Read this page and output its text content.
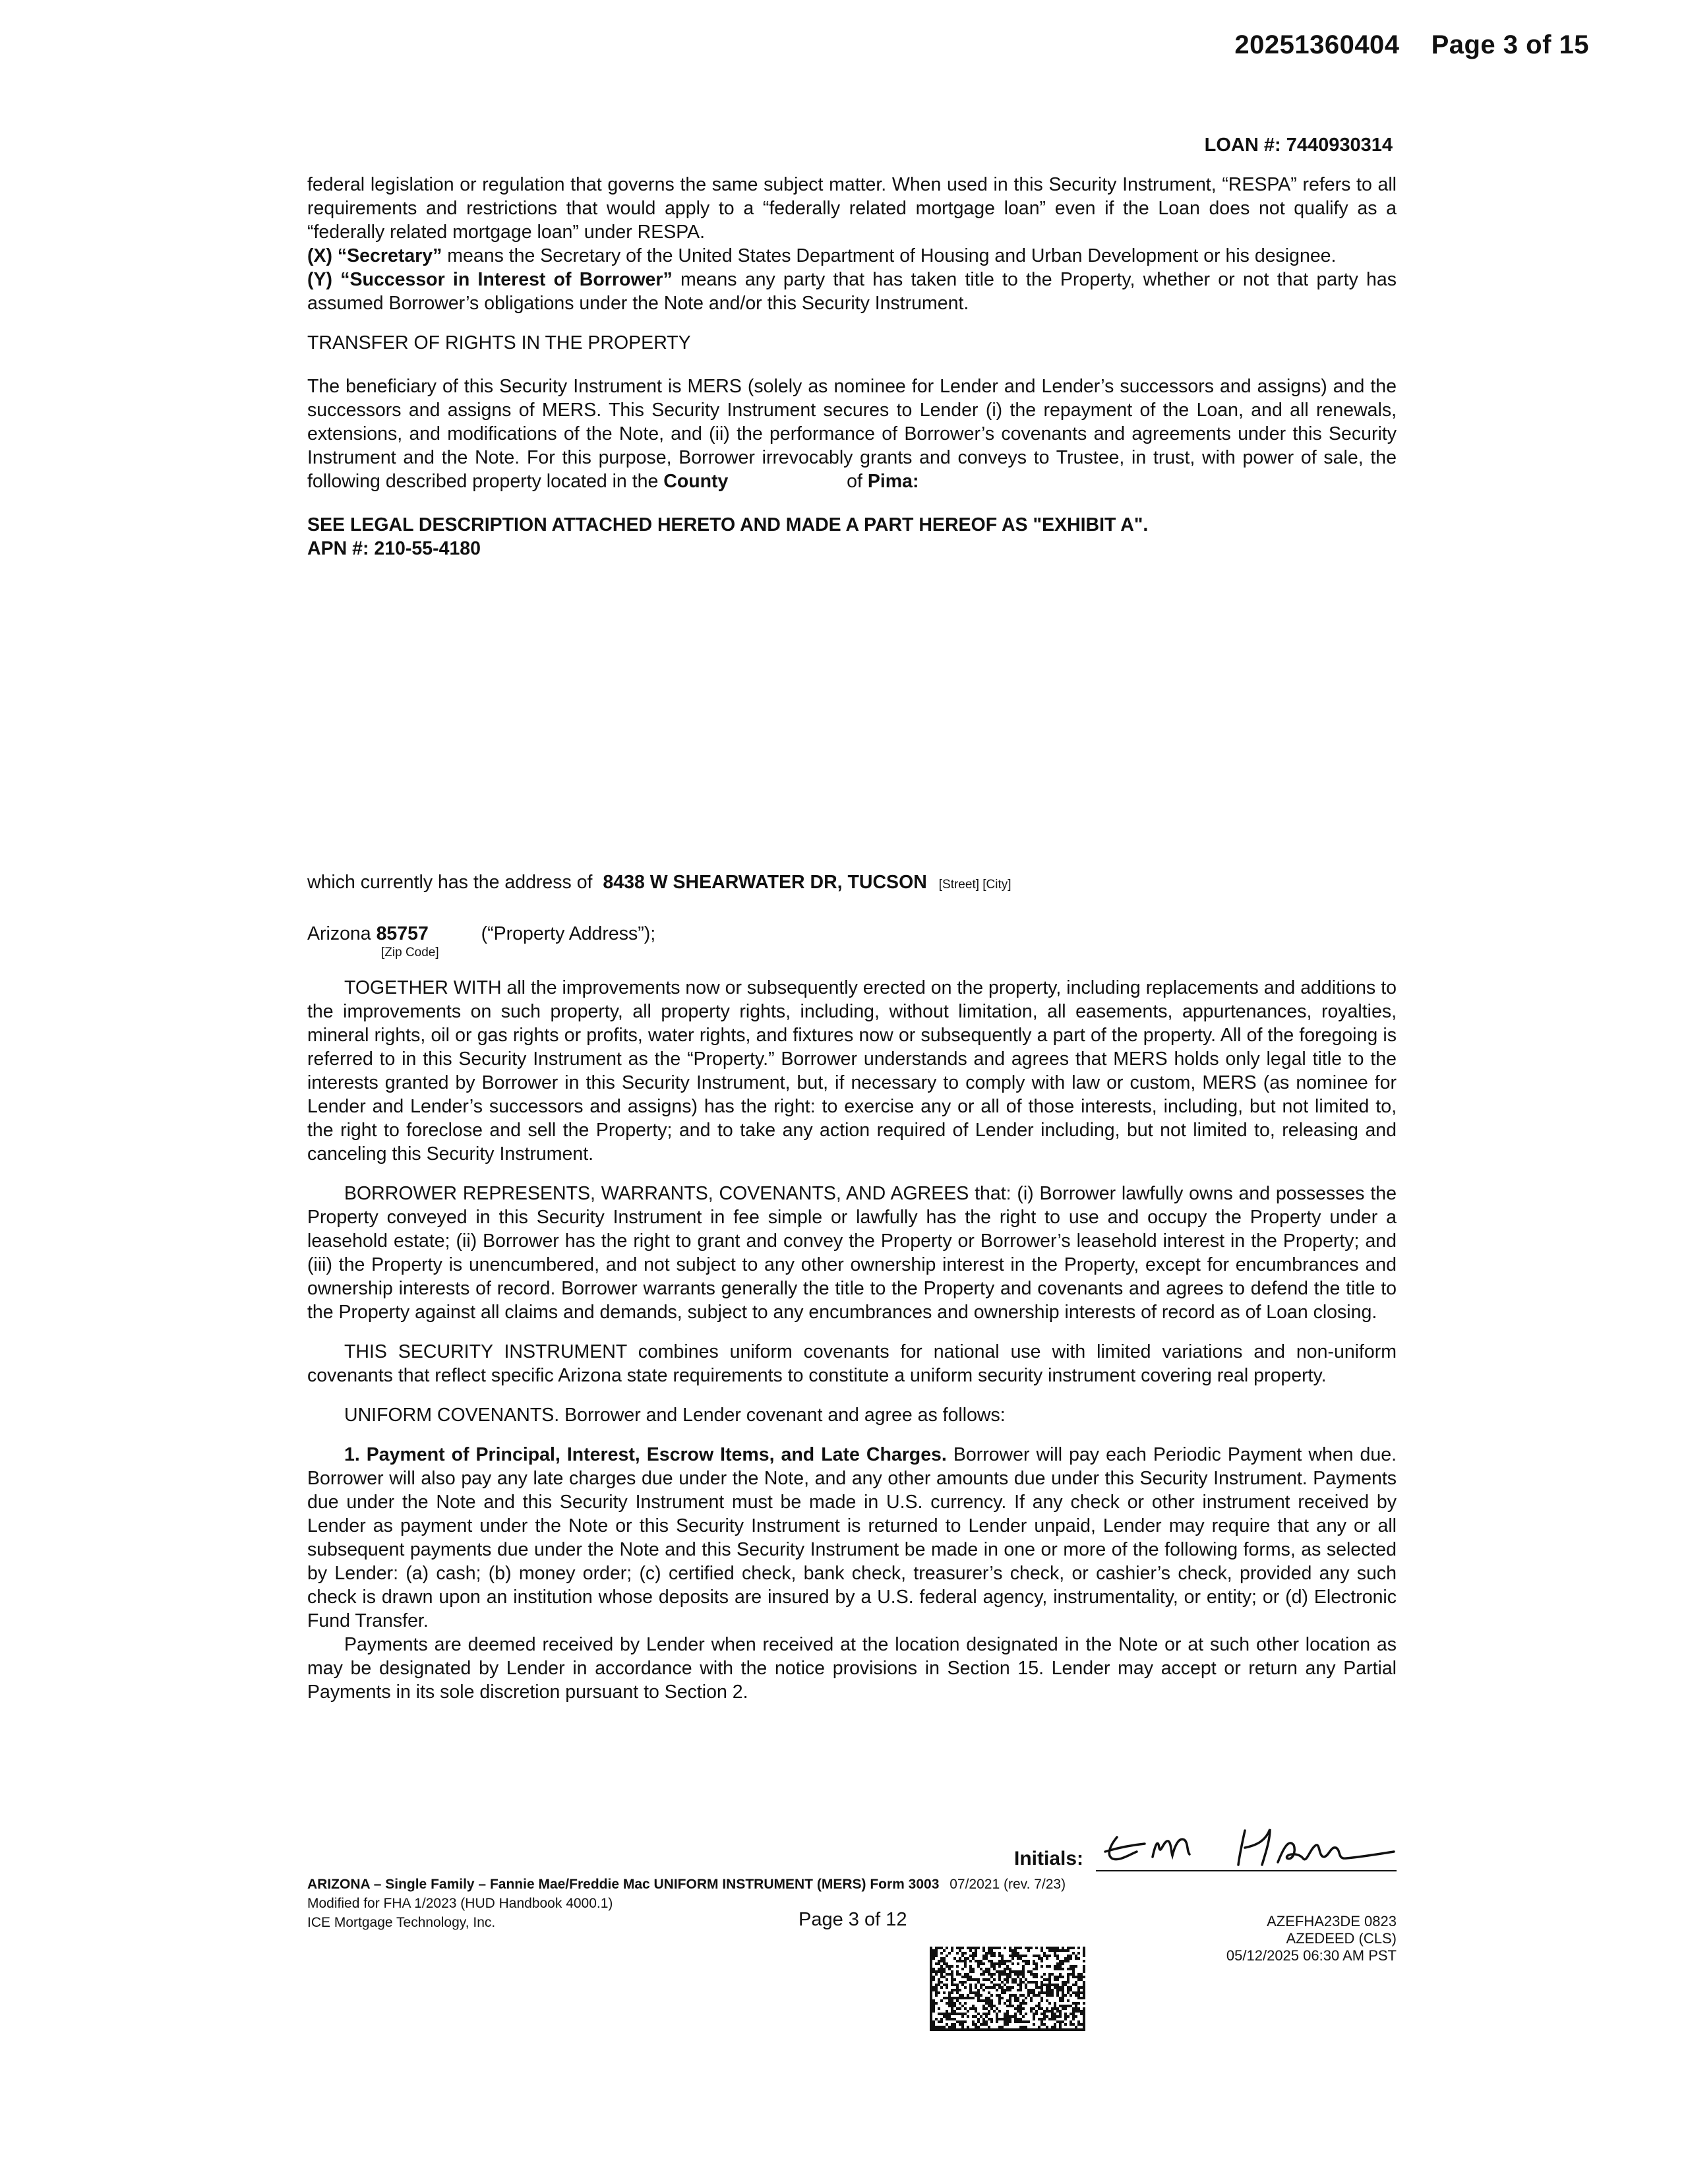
20251360404 Page 3 of 15
LOAN #: 7440930314

federal legislation or regulation that governs the same subject matter. When used in this Security Instrument, “RESPA” refers to all requirements and restrictions that would apply to a “federally related mortgage loan” even if the Loan does not qualify as a “federally related mortgage loan” under RESPA.

(X) “Secretary” means the Secretary of the United States Department of Housing and Urban Development or his designee.

(Y) “Successor in Interest of Borrower” means any party that has taken title to the Property, whether or not that party has assumed Borrower’s obligations under the Note and/or this Security Instrument.

TRANSFER OF RIGHTS IN THE PROPERTY

The beneficiary of this Security Instrument is MERS (solely as nominee for Lender and Lender’s successors and assigns) and the successors and assigns of MERS. This Security Instrument secures to Lender (i) the repayment of the Loan, and all renewals, extensions, and modifications of the Note, and (ii) the performance of Borrower’s covenants and agreements under this Security Instrument and the Note. For this purpose, Borrower irrevocably grants and conveys to Trustee, in trust, with power of sale, the following described property located in the County	of Pima:

SEE LEGAL DESCRIPTION ATTACHED HERETO AND MADE A PART HEREOF AS "EXHIBIT A".

APN #: 210-55-4180

which currently has the address of 8438 W SHEARWATER DR, TUCSON [Street] [City]

Arizona 85757
[Zip Code]
(“Property Address”);

TOGETHER WITH all the improvements now or subsequently erected on the property, including replacements and additions to the improvements on such property, all property rights, including, without limitation, all easements, appurtenances, royalties, mineral rights, oil or gas rights or profits, water rights, and fixtures now or subsequently a part of the property. All of the foregoing is referred to in this Security Instrument as the “Property.” Borrower understands and agrees that MERS holds only legal title to the interests granted by Borrower in this Security Instrument, but, if necessary to comply with law or custom, MERS (as nominee for Lender and Lender’s successors and assigns) has the right: to exercise any or all of those interests, including, but not limited to, the right to foreclose and sell the Property; and to take any action required of Lender including, but not limited to, releasing and canceling this Security Instrument.

BORROWER REPRESENTS, WARRANTS, COVENANTS, AND AGREES that: (i) Borrower lawfully owns and possesses the Property conveyed in this Security Instrument in fee simple or lawfully has the right to use and occupy the Property under a leasehold estate; (ii) Borrower has the right to grant and convey the Property or Borrower’s leasehold interest in the Property; and (iii) the Property is unencumbered, and not subject to any other ownership interest in the Property, except for encumbrances and ownership interests of record. Borrower warrants generally the title to the Property and covenants and agrees to defend the title to the Property against all claims and demands, subject to any encumbrances and ownership interests of record as of Loan closing.

THIS SECURITY INSTRUMENT combines uniform covenants for national use with limited variations and non-uniform covenants that reflect specific Arizona state requirements to constitute a uniform security instrument covering real property.

UNIFORM COVENANTS. Borrower and Lender covenant and agree as follows:

1. Payment of Principal, Interest, Escrow Items, and Late Charges. Borrower will pay each Periodic Payment when due. Borrower will also pay any late charges due under the Note, and any other amounts due under this Security Instrument. Payments due under the Note and this Security Instrument must be made in U.S. currency. If any check or other instrument received by Lender as payment under the Note or this Security Instrument is returned to Lender unpaid, Lender may require that any or all subsequent payments due under the Note and this Security Instrument be made in one or more of the following forms, as selected by Lender: (a) cash; (b) money order; (c) certified check, bank check, treasurer’s check, or cashier’s check, provided any such check is drawn upon an institution whose deposits are insured by a U.S. federal agency, instrumentality, or entity; or (d) Electronic Fund Transfer.

Payments are deemed received by Lender when received at the location designated in the Note or at such other location as may be designated by Lender in accordance with the notice provisions in Section 15. Lender may accept or return any Partial Payments in its sole discretion pursuant to Section 2.

Initials:
ARIZONA – Single Family – Fannie Mae/Freddie Mac UNIFORM INSTRUMENT (MERS) Form 3003 07/2021 (rev. 7/23)
Modified for FHA 1/2023 (HUD Handbook 4000.1)
ICE Mortgage Technology, Inc.	Page 3 of 12	AZEFHA23DE 0823
AZEDEED (CLS)
05/12/2025 06:30 AM PST
